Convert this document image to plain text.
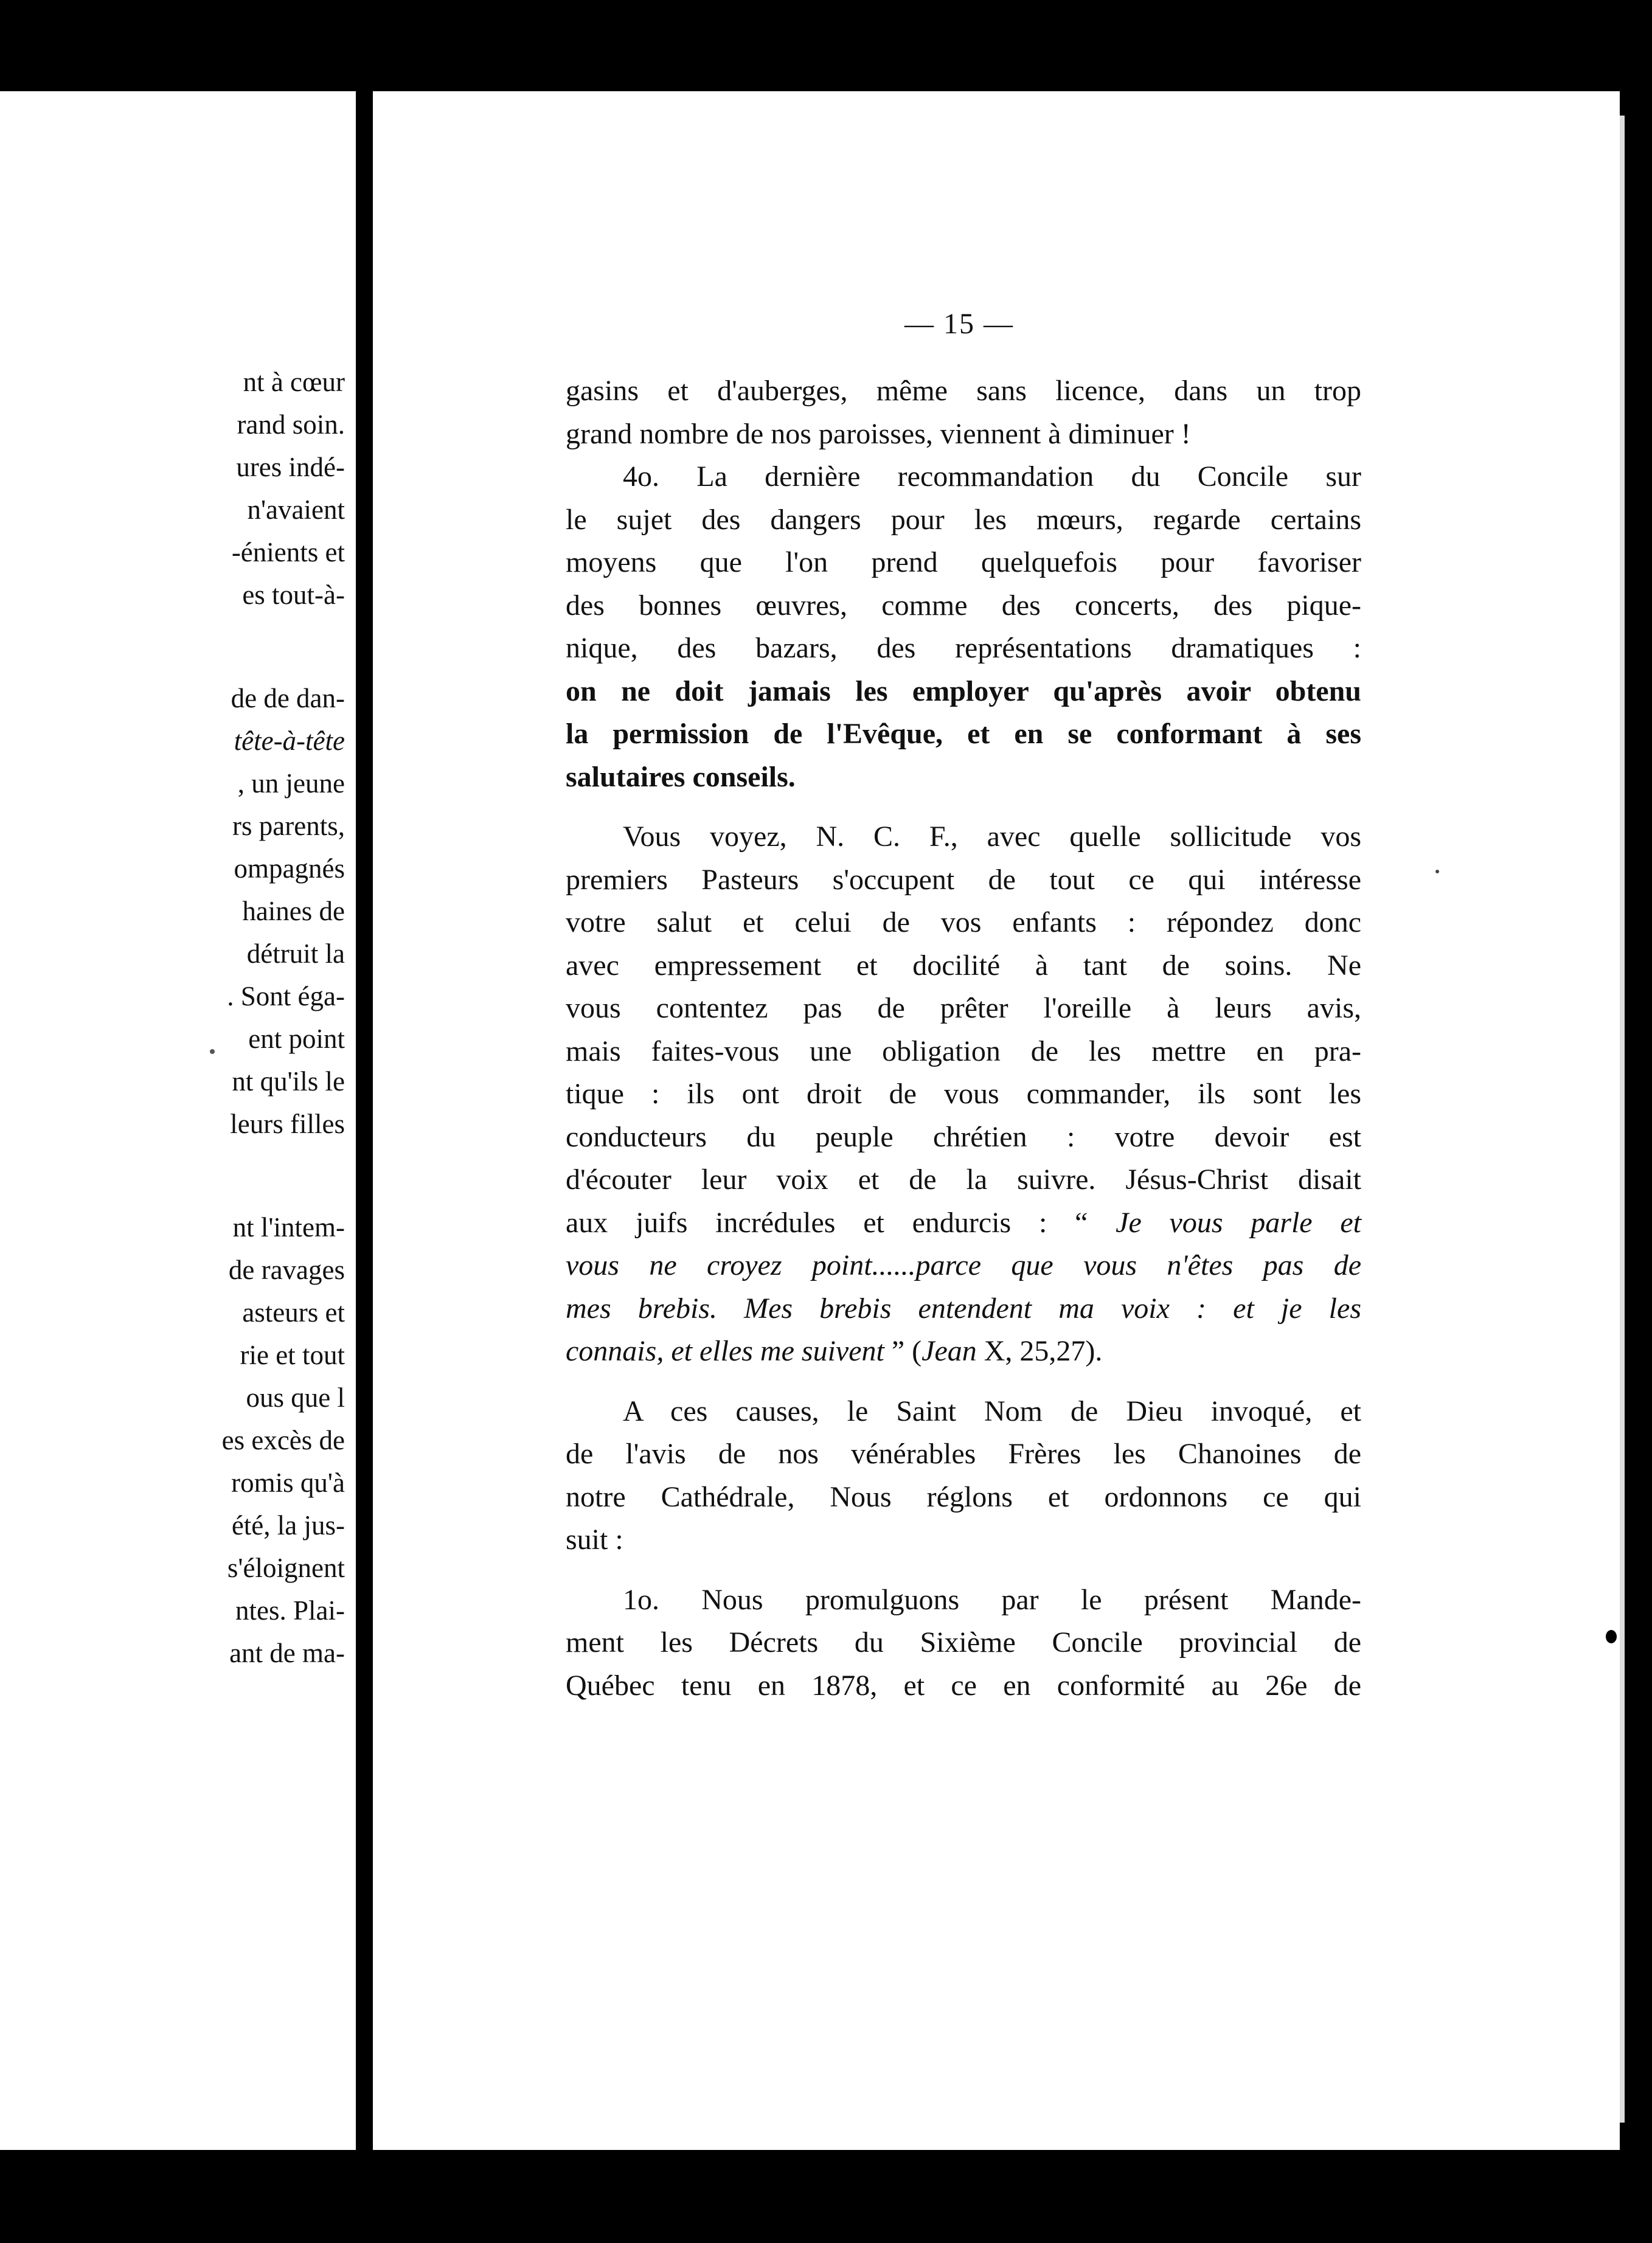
nt à cœur
rand soin.
ures indé-
n'avaient
-énients et
es tout-à-
de de dan-
tête-à-tête
, un jeune
rs parents,
ompagnés
haines de
détruit la
. Sont éga-
ent point
nt qu'ils le
leurs filles
nt l'intem-
de ravages
asteurs et
rie et tout
ous que l
es excès de
romis qu'à
été, la jus-
s'éloignent
ntes. Plai-
ant de ma-
— 15 —
gasins et d'auberges, même sans licence, dans un trop
grand nombre de nos paroisses, viennent à diminuer !
4o. La dernière recommandation du Concile sur
le sujet des dangers pour les mœurs, regarde certains
moyens que l'on prend quelquefois pour favoriser
des bonnes œuvres, comme des concerts, des pique-
nique, des bazars, des représentations dramatiques :
on ne doit jamais les employer qu'après avoir obtenu
la permission de l'Evêque, et en se conformant à ses
salutaires conseils.
Vous voyez, N. C. F., avec quelle sollicitude vos
premiers Pasteurs s'occupent de tout ce qui intéresse
votre salut et celui de vos enfants : répondez donc
avec empressement et docilité à tant de soins. Ne
vous contentez pas de prêter l'oreille à leurs avis,
mais faites-vous une obligation de les mettre en pra-
tique : ils ont droit de vous commander, ils sont les
conducteurs du peuple chrétien : votre devoir est
d'écouter leur voix et de la suivre. Jésus-Christ disait
aux juifs incrédules et endurcis : “ Je vous parle et
vous ne croyez point......parce que vous n'êtes pas de
mes brebis. Mes brebis entendent ma voix : et je les
connais, et elles me suivent ” (Jean X, 25,27).
A ces causes, le Saint Nom de Dieu invoqué, et
de l'avis de nos vénérables Frères les Chanoines de
notre Cathédrale, Nous réglons et ordonnons ce qui
suit :
1o. Nous promulguons par le présent Mande-
ment les Décrets du Sixième Concile provincial de
Québec tenu en 1878, et ce en conformité au 26e de
